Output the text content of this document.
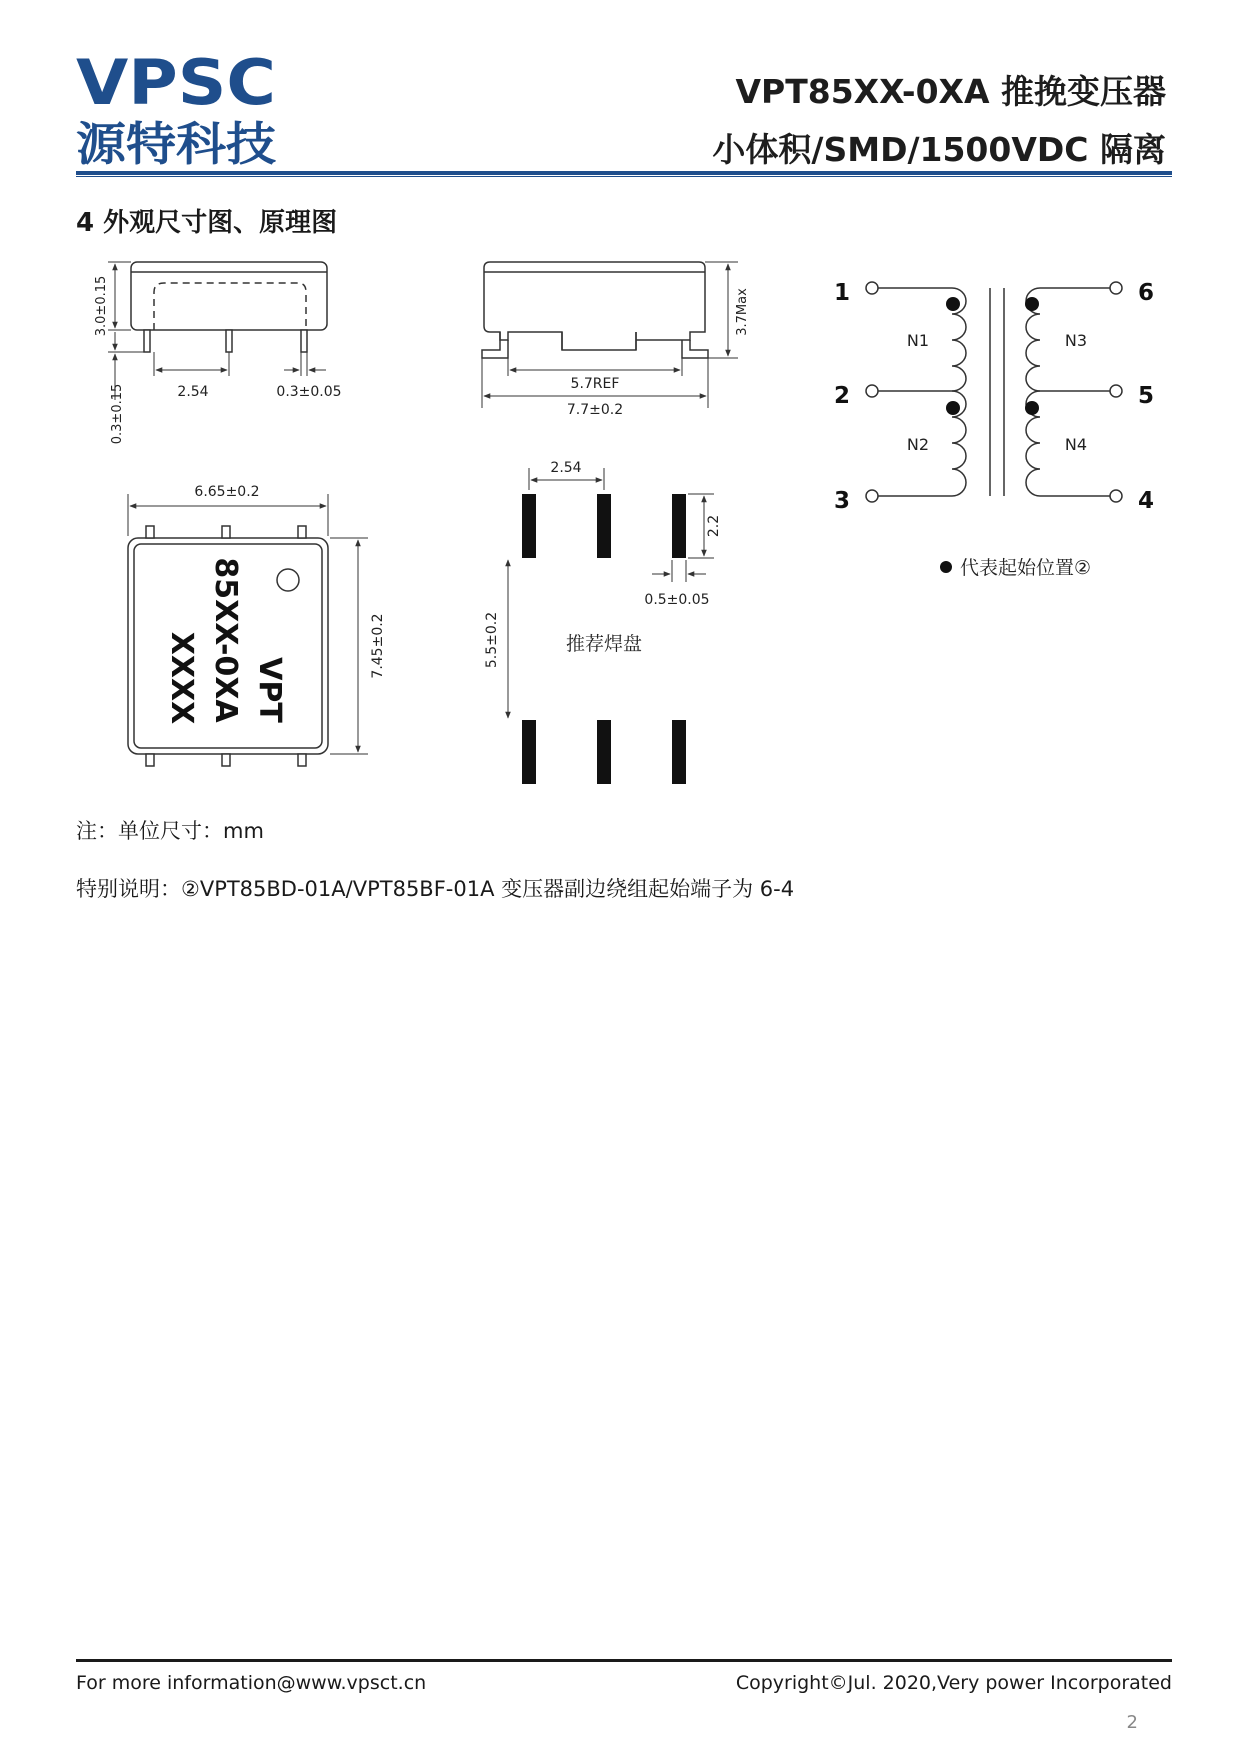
VPSC
源特科技
VPT85XX-0XA 推挽变压器
小体积/SMD/1500VDC 隔离
4 外观尺寸图、原理图
3.0±0.15
0.3±0.15	2.54	0.3±0.05
3.7Max
5.7REF
7.7±0.2
6.65±0.2
7.45±0.2
VPT
85XX-0XA
XXXX
2.54
2.2
0.5±0.05
5.5±0.2	推荐焊盘
1
2
3
6
5
4
N1
N2
N3
N4
代表起始位置②
注：单位尺寸：mm
特别说明：②VPT85BD-01A/VPT85BF-01A 变压器副边绕组起始端子为 6-4
For more information@www.vpsct.cn	Copyright©Jul. 2020,Very power Incorporated
2
